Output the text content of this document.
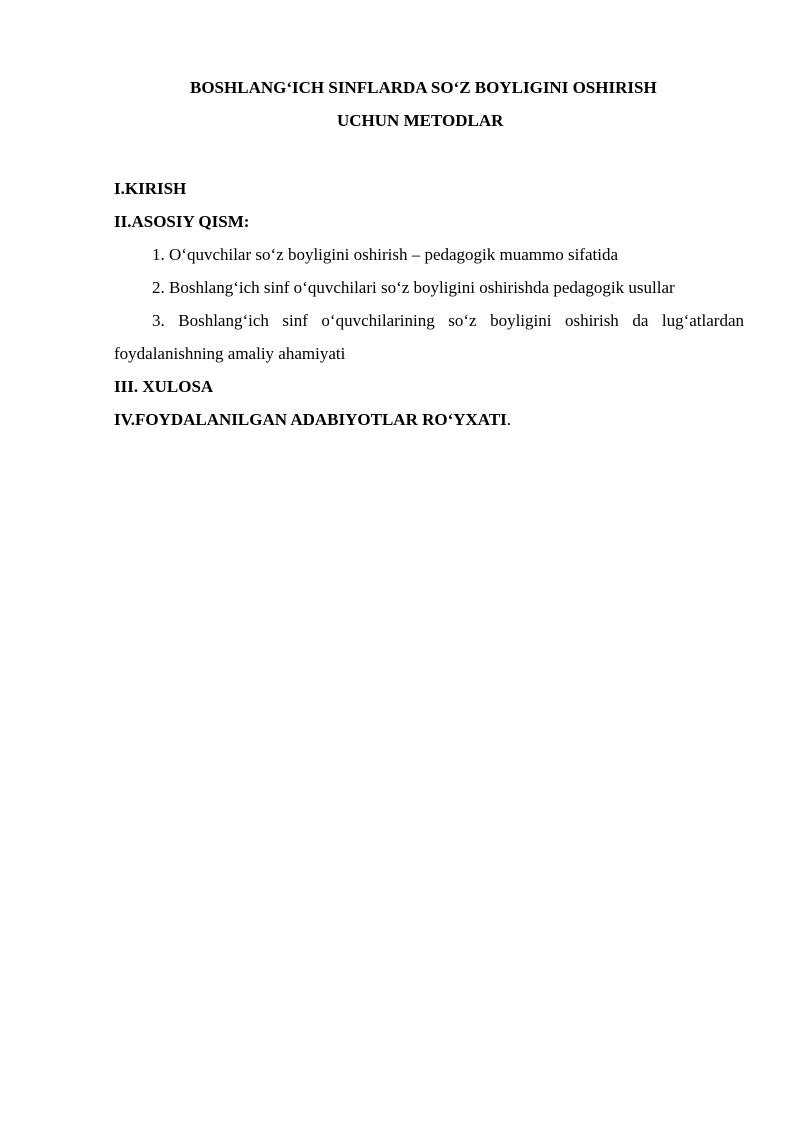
BOSHLANG‘ICH SINFLARDA SO‘Z BOYLIGINI OSHIRISH
UCHUN METODLAR
I.KIRISH
II.ASOSIY QISM:
1. O‘quvchilar so‘z boyligini oshirish – pedagogik muammo sifatida
2. Boshlang‘ich sinf o‘quvchilari so‘z boyligini oshirishda pedagogik usullar
3. Boshlang‘ich sinf o‘quvchilarining so‘z boyligini oshirish da lug‘atlardan
foydalanishning amaliy ahamiyati
III. XULOSA
IV.FOYDALANILGAN ADABIYOTLAR RO‘YXATI.
